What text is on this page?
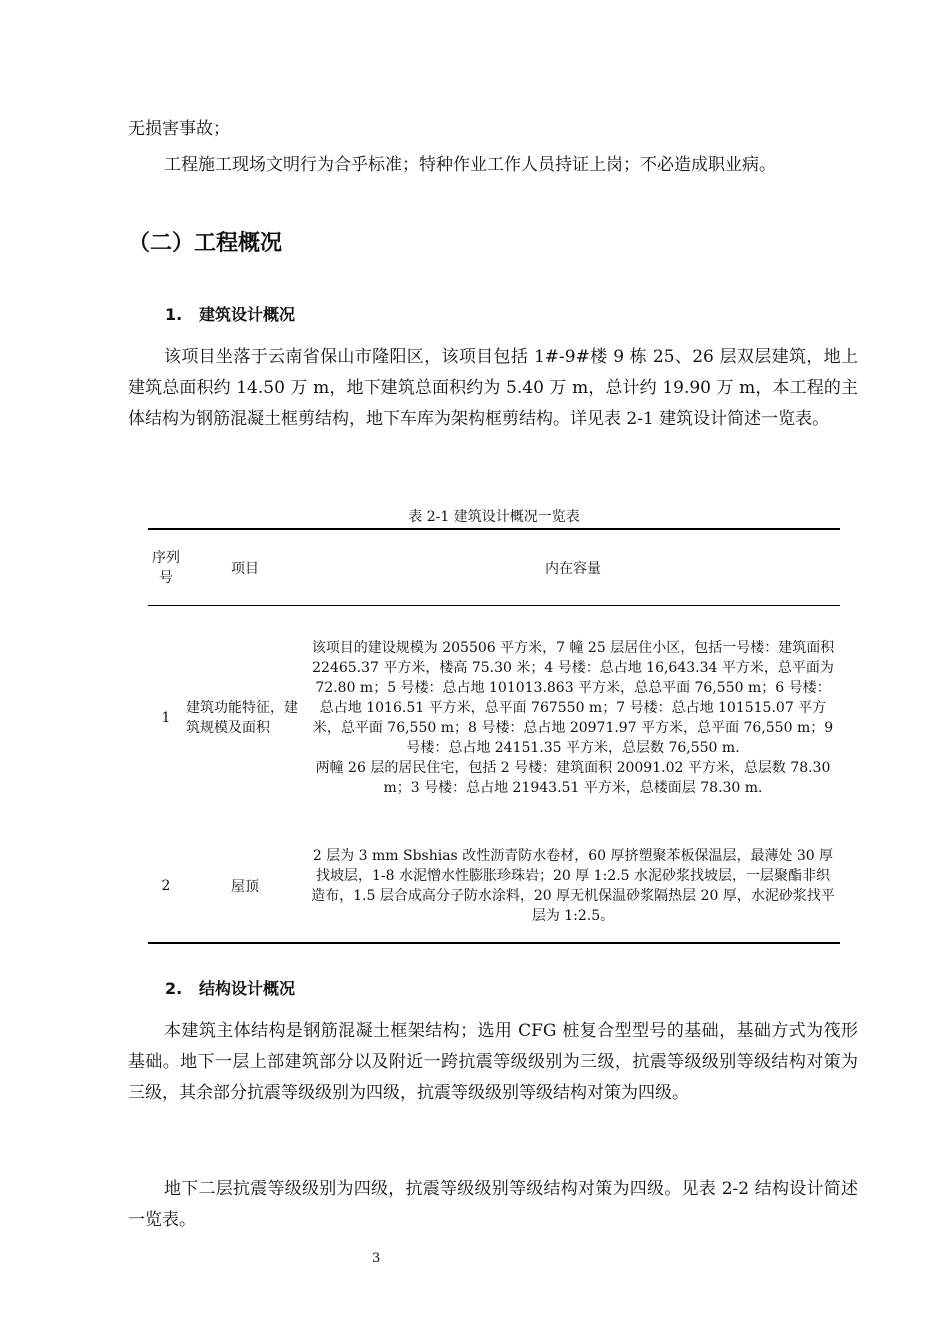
无损害事故；

工程施工现场文明行为合乎标准；特种作业工作人员持证上岗；不必造成职业病。

（二）工程概况
1. 建筑设计概况

该项目坐落于云南省保山市隆阳区，该项目包括 1#-9#楼 9 栋 25、26 层双层建筑，地上建筑总面积约 14.50 万 m，地下建筑总面积约为 5.40 万 m，总计约 19.90 万 m，本工程的主体结构为钢筋混凝土框剪结构，地下车库为架构框剪结构。详见表 2-1 建筑设计简述一览表。

表 2-1 建筑设计概况一览表

序列号	项目	内在容量
1	建筑功能特征，建筑规模及面积	该项目的建设规模为 205506 平方米，7 幢 25 层居住小区，包括一号楼：建筑面积 22465.37 平方米，楼高 75.30 米；4 号楼：总占地 16,643.34 平方米，总平面为 72.80 m；5 号楼：总占地 101013.863 平方米，总总平面 76,550 m；6 号楼：总占地 1016.51 平方米，总平面 767550 m；7 号楼：总占地 101515.07 平方米，总平面 76,550 m；8 号楼：总占地 20971.97 平方米，总平面 76,550 m；9 号楼：总占地 24151.35 平方米，总层数 76,550 m.
两幢 26 层的居民住宅，包括 2 号楼：建筑面积 20091.02 平方米，总层数 78.30 m；3 号楼：总占地 21943.51 平方米，总楼面层 78.30 m.

2	屋顶	2 层为 3 mm Sbshias 改性沥青防水卷材，60 厚挤塑聚苯板保温层，最薄处 30 厚找坡层，1-8 水泥憎水性膨胀珍珠岩；20 厚 1:2.5 水泥砂浆找坡层，一层聚酯非织造布，1.5 层合成高分子防水涂料，20 厚无机保温砂浆隔热层 20 厚，水泥砂浆找平层为 1:2.5。
2. 结构设计概况

本建筑主体结构是钢筋混凝土框架结构；选用 CFG 桩复合型型号的基础，基础方式为筏形基础。地下一层上部建筑部分以及附近一跨抗震等级级别为三级，抗震等级级别等级结构对策为三级，其余部分抗震等级级别为四级，抗震等级级别等级结构对策为四级。

地下二层抗震等级级别为四级，抗震等级级别等级结构对策为四级。见表 2-2 结构设计简述一览表。

3
